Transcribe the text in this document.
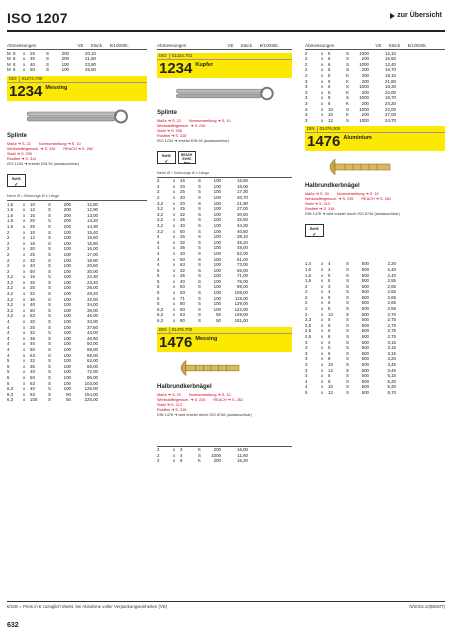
ISO 1207	zur Übersicht
Abmessungen	VE	Stück	€/100Stk.
M 8	x	25	S	200	20,10
M 8	x	30	S	200	21,80
M 8	x	40	S	100	23,80
M 8	x	50	S	100	25,50
ISO	01274.700
1234 Messing
Splinte
Maße ➜ S. 22 Normumstellung ➜ S. 10
Werkstoffeigensch. ➜ S. 230 REACH ➜ S. 262
Stahl ➜ S. 205
Rostfrei ➜ S. 312
ISO 1234 ➜ ersetzt DIN 94 (austauschbar)
RoHS
✓
Nenn Ø = Bohrungs Ø x Länge
1,6	x	10	S	200	12,80
1,6	x	12	S	200	12,90
1,6	x	16	S	200	13,00
1,6	x	20	S	200	13,20
1,6	x	25	S	200	14,30
2	x	10	S	100	15,40
2	x	12	S	100	15,60
2	x	16	S	100	15,80
2	x	20	S	100	16,00
2	x	25	S	100	17,00
2	x	32	S	100	18,90
2	x	40	S	100	20,50
2	x	50	S	100	30,00
3,2	x	16	S	100	22,30
3,2	x	20	S	100	23,40
3,2	x	25	S	100	26,00
3,2	x	32	S	100	28,40
3,2	x	36	S	100	32,00
3,2	x	40	S	100	34,00
3,2	x	50	S	100	39,00
3,2	x	63	S	100	46,00
4	x	20	S	100	33,00
4	x	25	S	100	37,50
4	x	32	S	100	43,00
4	x	36	S	100	46,50
4	x	40	S	100	50,00
4	x	50	S	100	59,00
4	x	63	S	100	69,00
5	x	32	S	100	62,00
5	x	36	S	100	66,00
5	x	40	S	100	72,00
5	x	50	S	100	86,00
5	x	63	S	100	103,00
6,3	x	40	S	100	126,00
6,3	x	63	S	50	154,00
6,3	x	100	S	50	225,00
Abmessungen	VE	Stück	€/100Stk.
ISO	01234.701
1234 Kupfer
Splinte
Maße ➜ S. 22 Normumstellung ➜ S. 10
Werkstoffeigensch. ➜ S. 230
Stahl ➜ S. 206
Rostfrei ➜ S. 318
ISO 1234 ➜ ersetzt DIN 94 (austauschbar)
RoHS
✓
REACH SVHC free
Nenn Ø = Bohrungs Ø x Länge
2	x	16	S	100	15,60
2	x	20	S	100	16,00
2	x	25	S	100	17,30
2	x	40	S	100	20,70
3,2	x	20	S	100	21,90
3,2	x	25	S	100	27,00
3,2	x	32	S	100	30,50
3,2	x	36	S	100	32,50
3,2	x	40	S	100	34,30
3,2	x	50	S	100	40,50
4	x	25	S	100	38,10
4	x	32	S	100	45,20
4	x	36	S	100	48,00
4	x	40	S	100	52,00
4	x	50	S	100	61,00
4	x	63	S	100	73,00
5	x	32	S	100	65,00
5	x	36	S	100	71,00
5	x	40	S	100	76,00
5	x	50	S	100	89,00
5	x	63	S	100	108,00
5	x	71	S	100	118,00
5	x	80	S	100	129,00
6,3	x	50	S	100	122,00
6,3	x	63	S	50	149,00
6,3	x	80	S	50	181,00
DIN	01476.700
1476 Messing
Halbrundkerbnägel
Maße ➜ S. 20 Normumstellung ➜ S. 10
Werkstoffeigensch. ➜ S. 230 REACH ➜ S. 262
Stahl ➜ S. 213
Rostfrei ➜ S. 318
DIN 1476 ➜ wird ersetzt durch ISO 8746 (austauschbar)
2	x	3	K	200	16,00
2	x	4	S	1000	11,80
2	x	6	K	200	16,20
Abmessungen	VE	Stück	€/100Stk.
2	x	5	S	1000	12,10
2	x	6	S	200	16,50
2	x	6	S	1000	12,40
2	x	6	S	200	16,70
2	x	8	K	200	18,10
3	x	5	K	200	21,80
3	x	6	S	1000	18,30
3	x	6	K	200	22,00
3	x	8	S	1000	19,70
3	x	8	K	200	24,20
3	x	10	S	1000	22,00
3	x	10	K	200	27,00
3	x	12	S	1000	24,70
DIN	01476.300
1476 Aluminium
Halbrundkerbnägel
Maße ➜ S. 20 Normumstellung ➜ S. 10
Werkstoffeigensch. ➜ S. 239 REACH ➜ S. 262
Stahl ➜ S. 213
Rostfrei ➜ S. 318
DIN 1476 ➜ wird ersetzt durch ISO 8746 (austauschbar)
RoHS
✓
1,4	x	4	S	500	2,20
1,6	x	4	S	500	2,40
1,6	x	5	S	500	2,40
1,6	x	6	S	500	2,55
2	x	3	S	500	2,65
2	x	4	S	500	2,65
2	x	5	S	500	2,65
2	x	6	S	500	2,65
2	x	8	S	500	2,55
2	x	10	S	500	2,70
2,3	x	5	S	500	2,75
2,5	x	5	S	500	2,75
2,5	x	6	S	500	2,75
2,5	x	8	S	500	2,75
3	x	4	S	500	3,15
3	x	5	S	500	3,15
3	x	6	S	500	3,15
3	x	8	S	500	3,20
3	x	10	S	500	3,45
3	x	12	S	500	3,45
4	x	6	S	500	5,10
4	x	8	S	500	5,20
4	x	10	S	500	5,20
5	x	12	S	500	8,70
€/100 = Preis in € zuzüglich MwSt. bei Abnahme voller Verpackungseinheiten (VE)	N/2015.10(BDMT)
632
